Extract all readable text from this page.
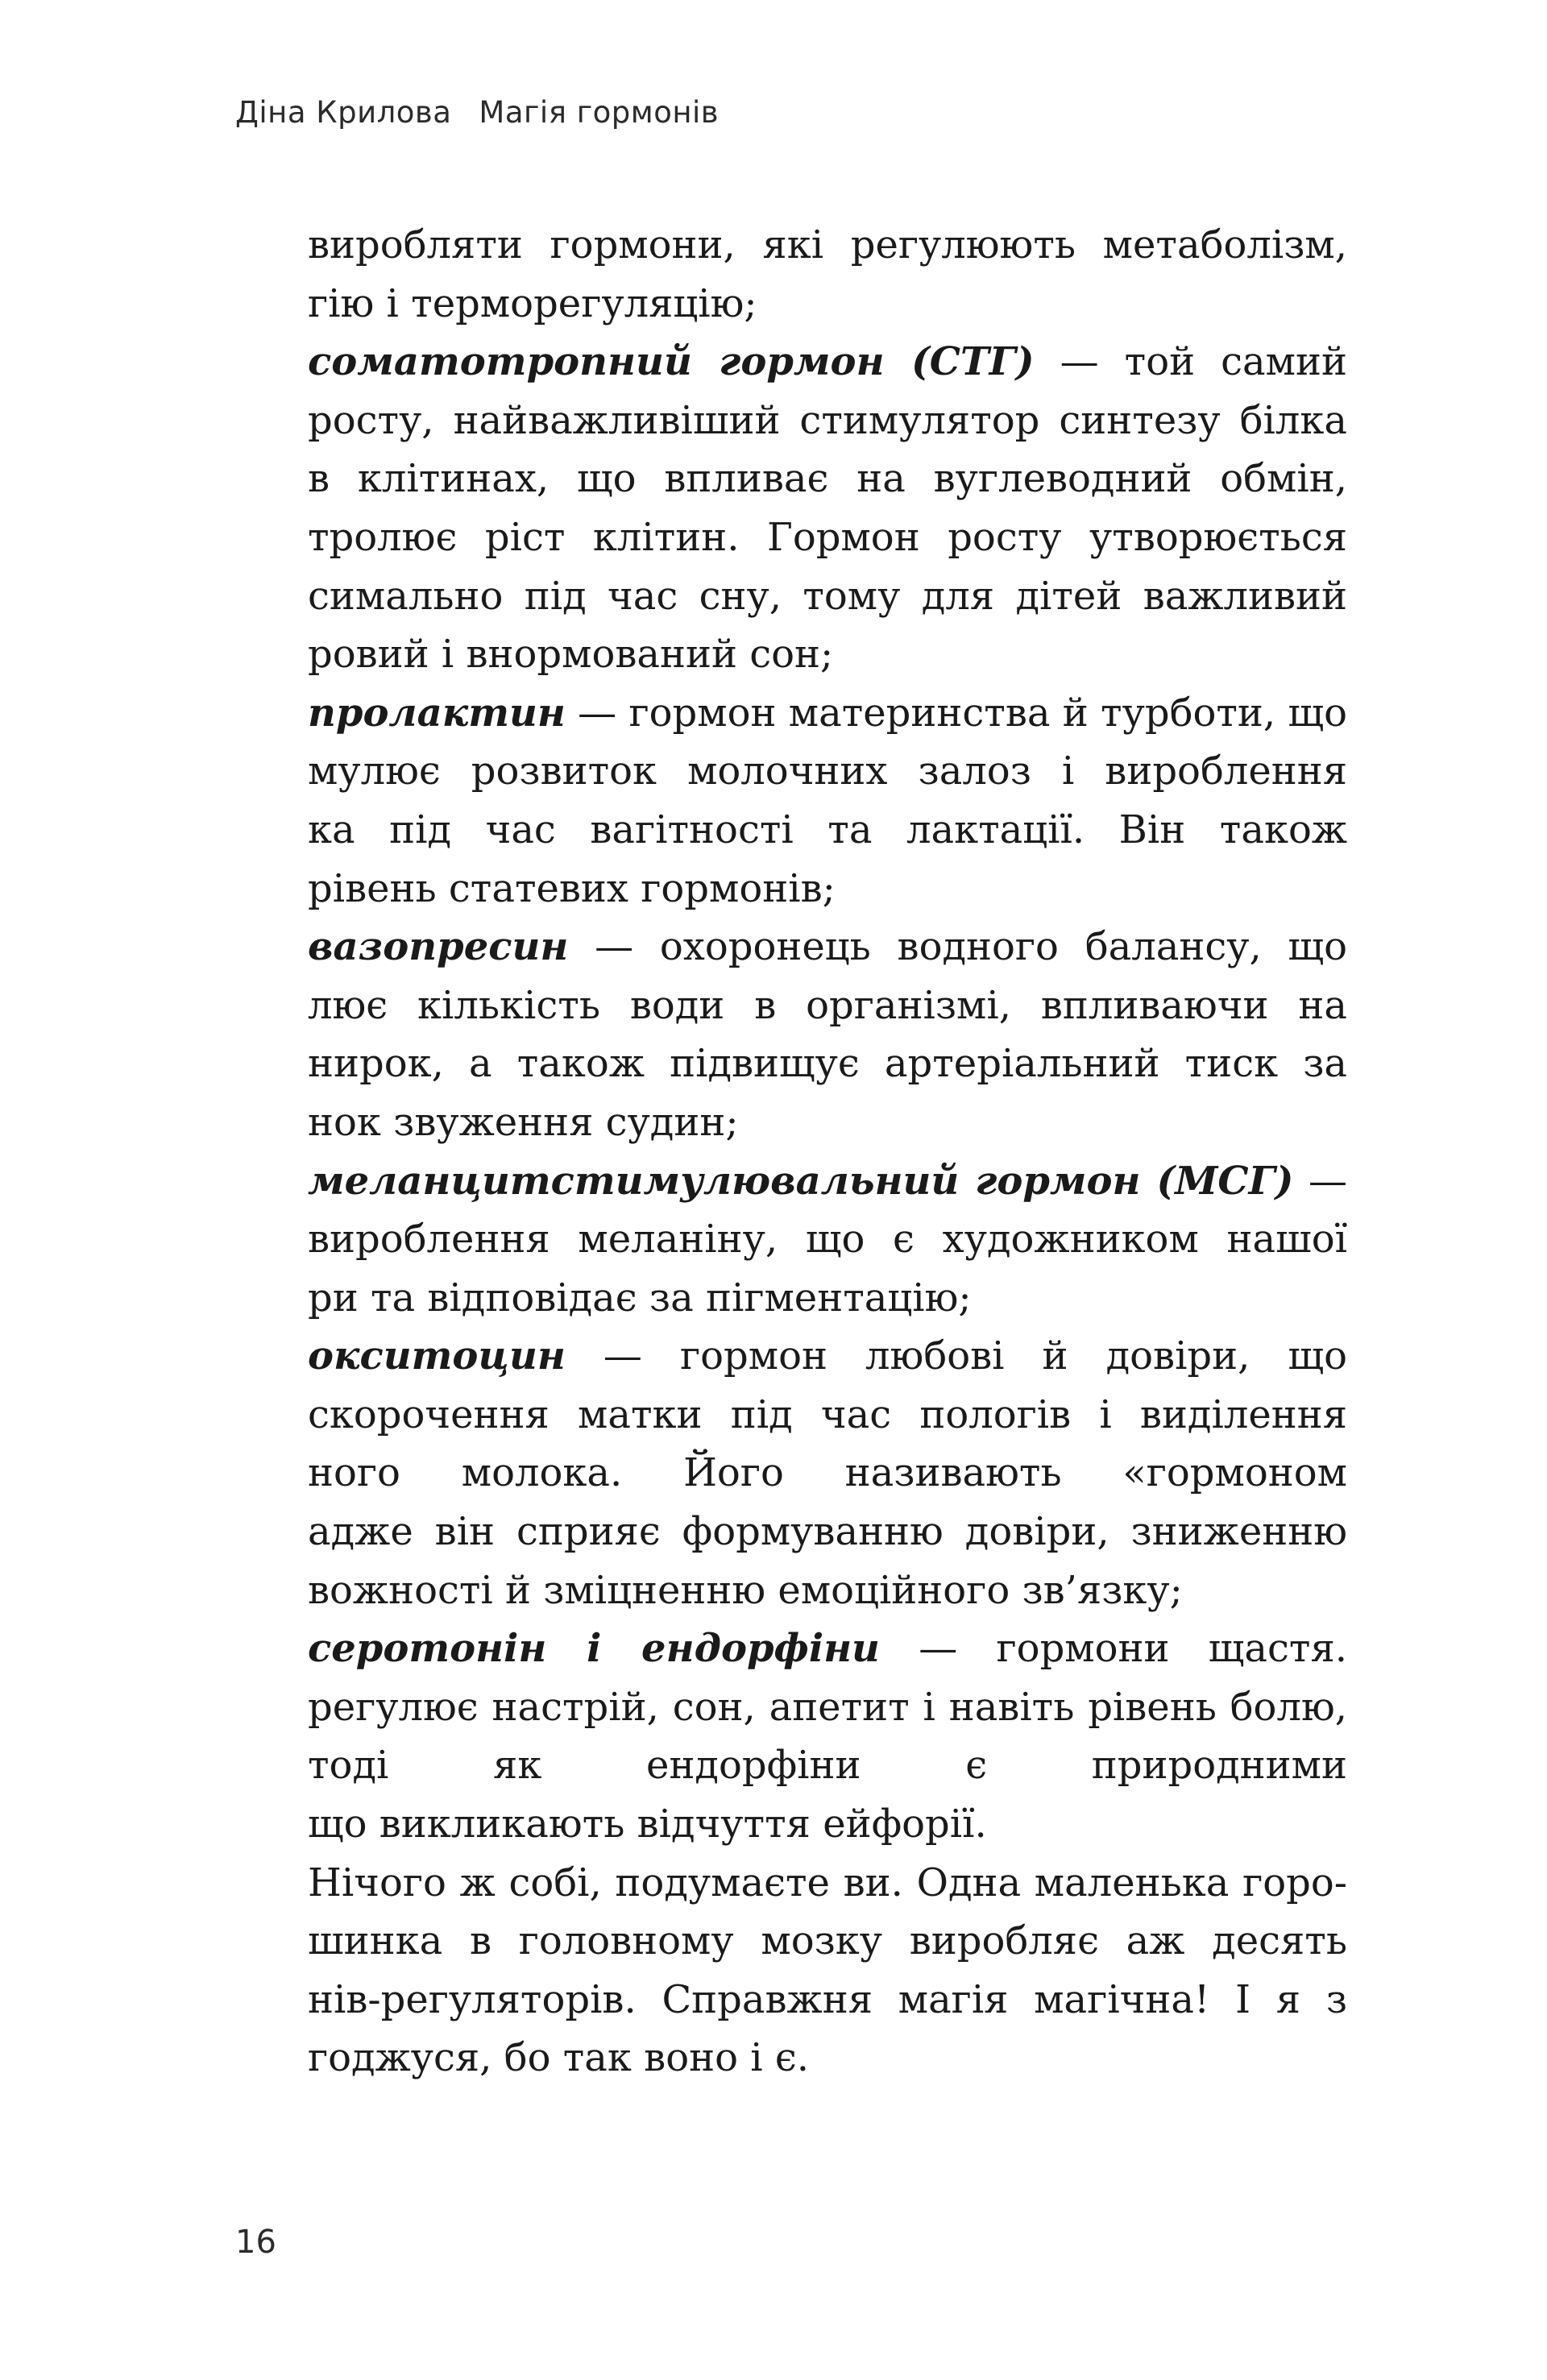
Діна Крилова Магія гормонів
виробляти гормони, які регулюють метаболізм,
гію і терморегуляцію;
соматотропний гормон (СТГ) — той самий
росту, найважливіший стимулятор синтезу білка
в клітинах, що впливає на вуглеводний обмін,
тролює ріст клітин. Гормон росту утворюється
симально під час сну, тому для дітей важливий
ровий і внормований сон;
пролактин — гормон материнства й турботи, що
мулює розвиток молочних залоз і вироблення
ка під час вагітності та лактації. Він також
рівень статевих гормонів;
вазопресин — охоронець водного балансу, що
лює кількість води в організмі, впливаючи на
нирок, а також підвищує артеріальний тиск за
нок звуження судин;
меланцитстимулювальний гормон (МСГ) —
вироблення меланіну, що є художником нашої
ри та відповідає за пігментацію;
окситоцин — гормон любові й довіри, що
скорочення матки під час пологів і виділення
ного молока. Його називають «гормоном
адже він сприяє формуванню довіри, зниженню
вожності й зміцненню емоційного зв’язку;
серотонін і ендорфіни — гормони щастя.
регулює настрій, сон, апетит і навіть рівень болю,
тоді як ендорфіни є природними
що викликають відчуття ейфорії.
Нічого ж собі, подумаєте ви. Одна маленька горо-
шинка в головному мозку виробляє аж десять
нів-регуляторів. Справжня магія магічна! І я з
годжуся, бо так воно і є.
16
